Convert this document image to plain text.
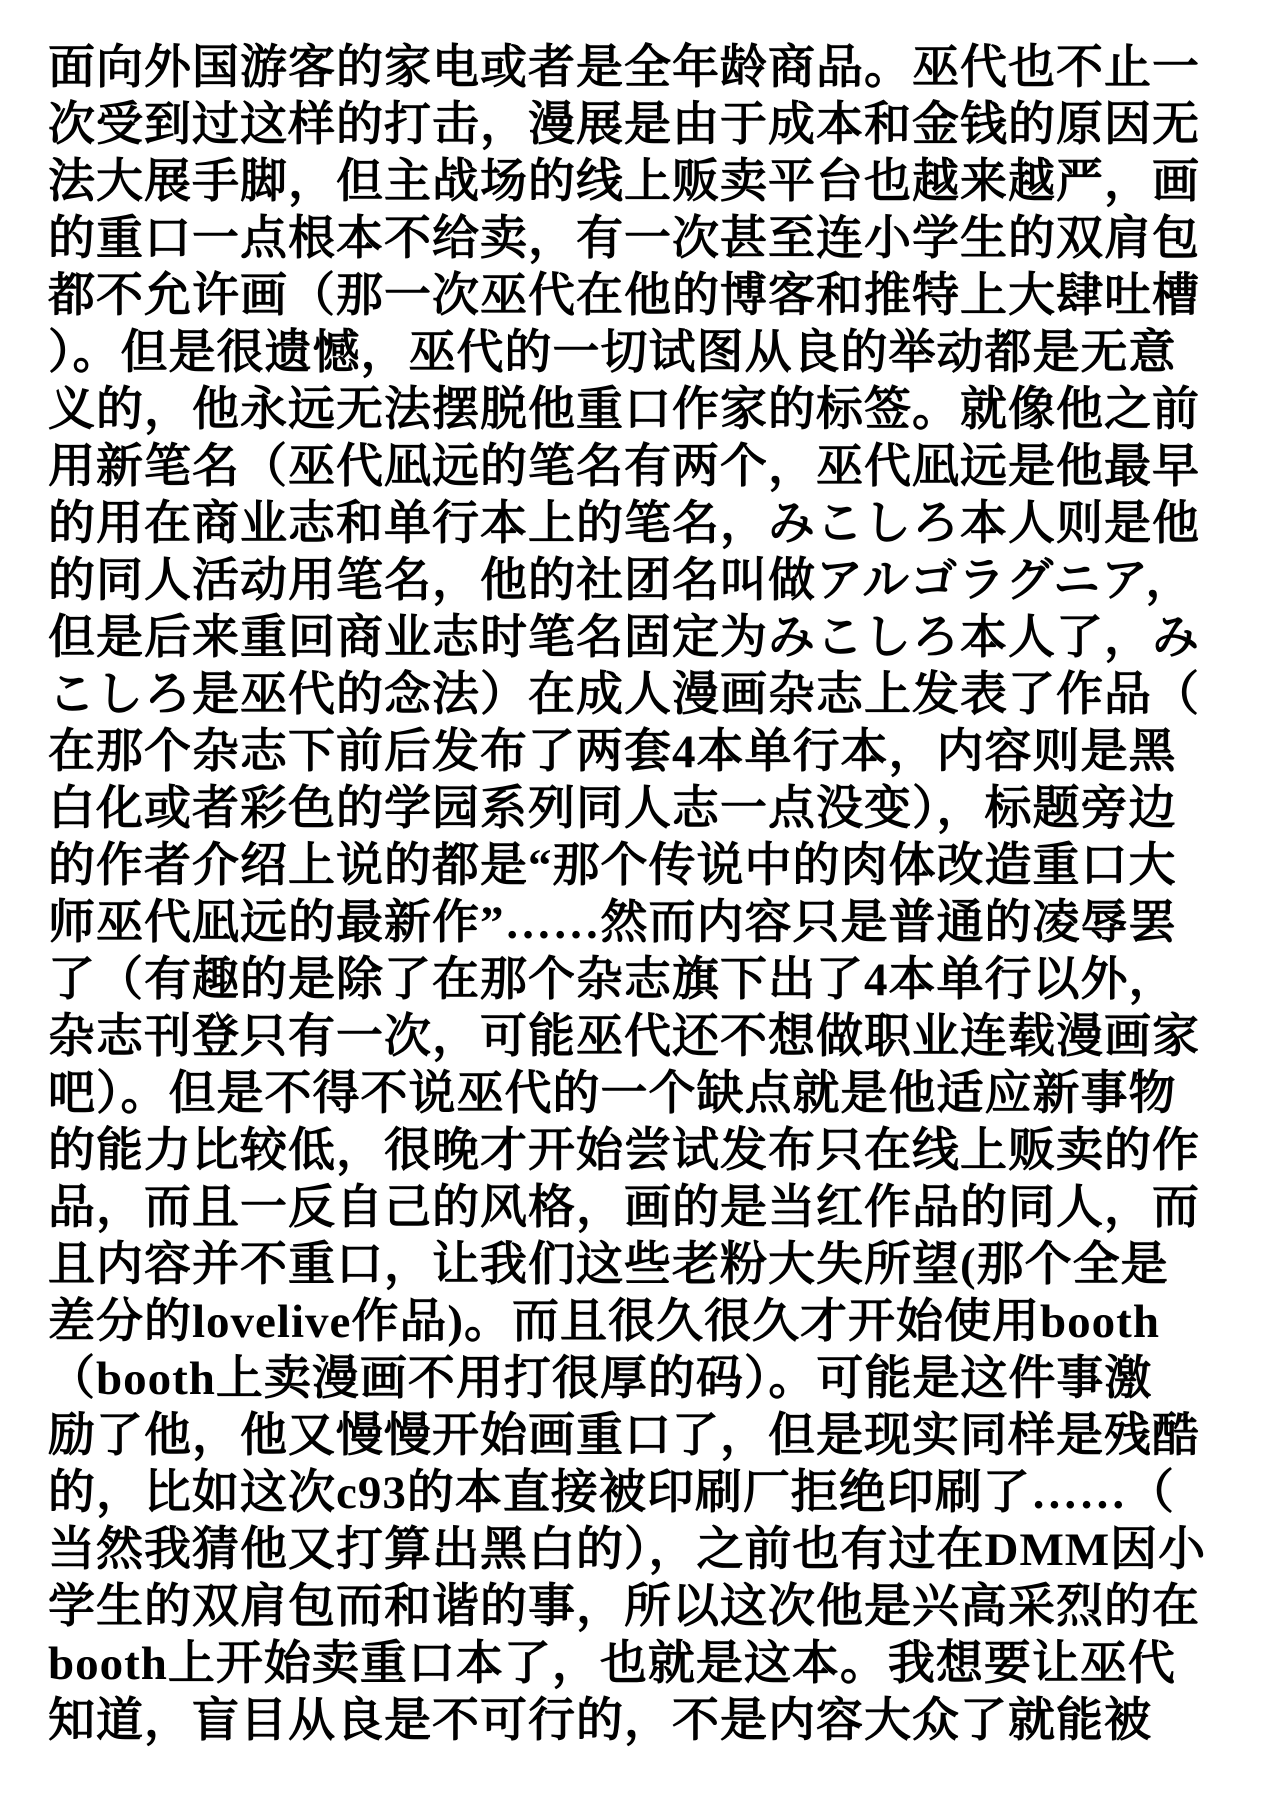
面向外国游客的家电或者是全年龄商品。巫代也不止一

次受到过这样的打击，漫展是由于成本和金钱的原因无

法大展手脚，但主战场的线上贩卖平台也越来越严，画

的重口一点根本不给卖，有一次甚至连小学生的双肩包

都不允许画（那一次巫代在他的博客和推特上大肆吐槽

）。但是很遗憾，巫代的一切试图从良的举动都是无意

义的，他永远无法摆脱他重口作家的标签。就像他之前

用新笔名（巫代凪远的笔名有两个，巫代凪远是他最早

的用在商业志和单行本上的笔名，みこしろ本人则是他

的同人活动用笔名，他的社团名叫做アルゴラグニア，

但是后来重回商业志时笔名固定为みこしろ本人了，み

こしろ是巫代的念法）在成人漫画杂志上发表了作品（

在那个杂志下前后发布了两套4本单行本，内容则是黑

白化或者彩色的学园系列同人志一点没变），标题旁边

的作者介绍上说的都是“那个传说中的肉体改造重口大

师巫代凪远的最新作”……然而内容只是普通的凌辱罢

了（有趣的是除了在那个杂志旗下出了4本单行以外，

杂志刊登只有一次，可能巫代还不想做职业连载漫画家

吧）。但是不得不说巫代的一个缺点就是他适应新事物

的能力比较低，很晚才开始尝试发布只在线上贩卖的作

品，而且一反自己的风格，画的是当红作品的同人，而

且内容并不重口，让我们这些老粉大失所望(那个全是

差分的lovelive作品)。而且很久很久才开始使用booth

（booth上卖漫画不用打很厚的码）。可能是这件事激

励了他，他又慢慢开始画重口了，但是现实同样是残酷

的，比如这次c93的本直接被印刷厂拒绝印刷了……（

当然我猜他又打算出黑白的），之前也有过在DMM因小

学生的双肩包而和谐的事，所以这次他是兴高采烈的在

booth上开始卖重口本了，也就是这本。我想要让巫代

知道，盲目从良是不可行的，不是内容大众了就能被
